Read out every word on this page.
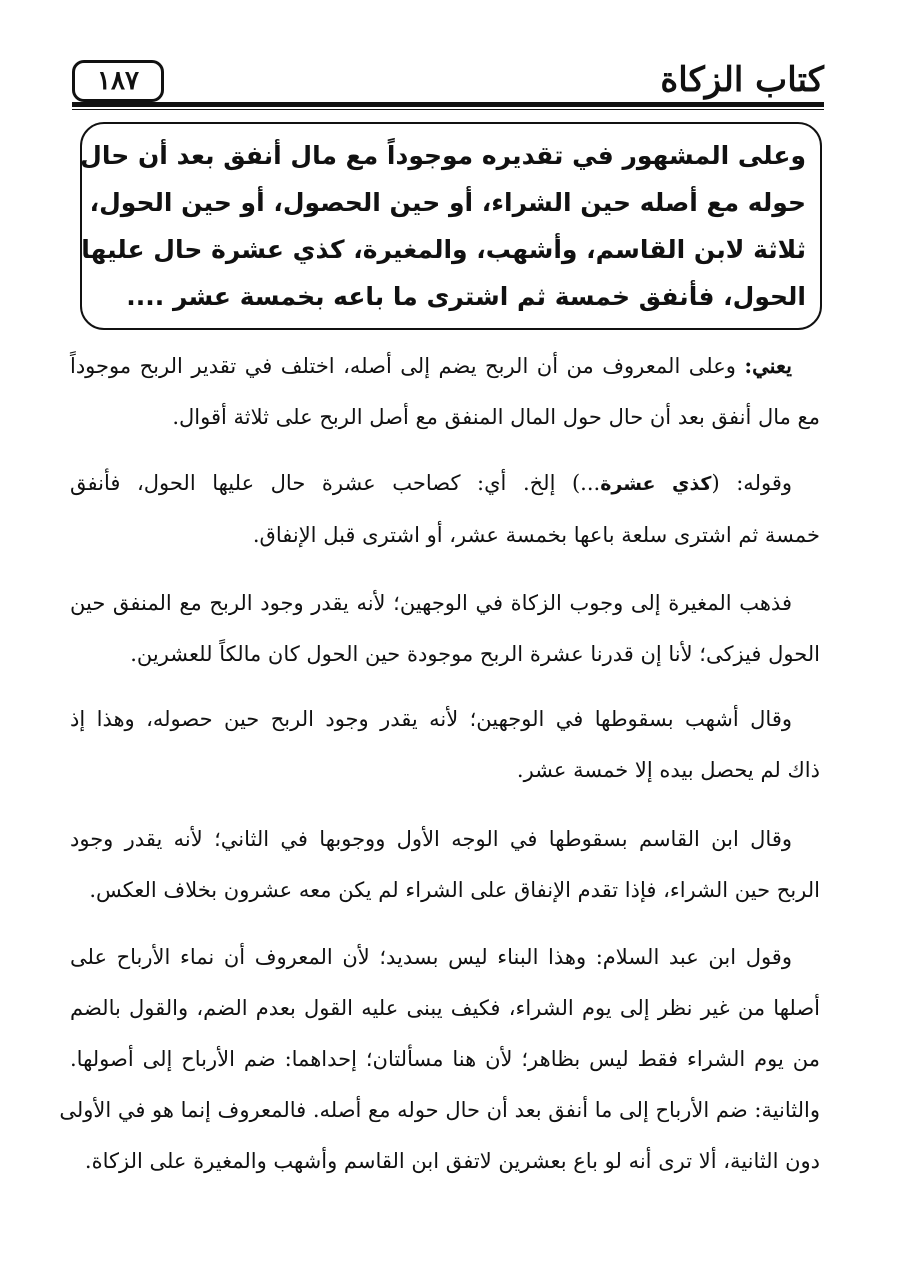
١٨٧	كتاب الزكاة
وعلى المشهور في تقديره موجوداً مع مال أنفق بعد أن حال
حوله مع أصله حين الشراء، أو حين الحصول، أو حين الحول،
ثلاثة لابن القاسم، وأشهب، والمغيرة، كذي عشرة حال عليها
الحول، فأنفق خمسة ثم اشترى ما باعه بخمسة عشر ....
يعني: وعلى المعروف من أن الربح يضم إلى أصله، اختلف في تقدير الربح موجوداً
مع مال أنفق بعد أن حال حول المال المنفق مع أصل الربح على ثلاثة أقوال.
وقوله: (كذي عشرة...) إلخ. أي: كصاحب عشرة حال عليها الحول، فأنفق
خمسة ثم اشترى سلعة باعها بخمسة عشر، أو اشترى قبل الإنفاق.
فذهب المغيرة إلى وجوب الزكاة في الوجهين؛ لأنه يقدر وجود الربح مع المنفق حين
الحول فيزكى؛ لأنا إن قدرنا عشرة الربح موجودة حين الحول كان مالكاً للعشرين.
وقال أشهب بسقوطها في الوجهين؛ لأنه يقدر وجود الربح حين حصوله، وهذا إذ
ذاك لم يحصل بيده إلا خمسة عشر.
وقال ابن القاسم بسقوطها في الوجه الأول ووجوبها في الثاني؛ لأنه يقدر وجود
الربح حين الشراء، فإذا تقدم الإنفاق على الشراء لم يكن معه عشرون بخلاف العكس.
وقول ابن عبد السلام: وهذا البناء ليس بسديد؛ لأن المعروف أن نماء الأرباح على
أصلها من غير نظر إلى يوم الشراء، فكيف يبنى عليه القول بعدم الضم، والقول بالضم
من يوم الشراء فقط ليس بظاهر؛ لأن هنا مسألتان؛ إحداهما: ضم الأرباح إلى أصولها.
والثانية: ضم الأرباح إلى ما أنفق بعد أن حال حوله مع أصله. فالمعروف إنما هو في الأولى
دون الثانية، ألا ترى أنه لو باع بعشرين لاتفق ابن القاسم وأشهب والمغيرة على الزكاة.
